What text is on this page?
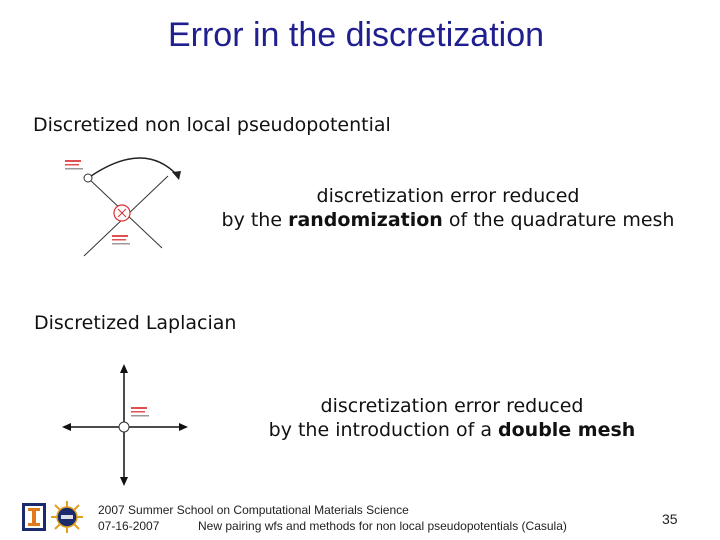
Error in the discretization
Discretized non local pseudopotential
discretization error reduced
by the randomization of the quadrature mesh
Discretized Laplacian
discretization error reduced
by the introduction of a double mesh
2007 Summer School on Computational Materials Science
07-16-2007	New pairing wfs and methods for non local pseudopotentials (Casula)	35
